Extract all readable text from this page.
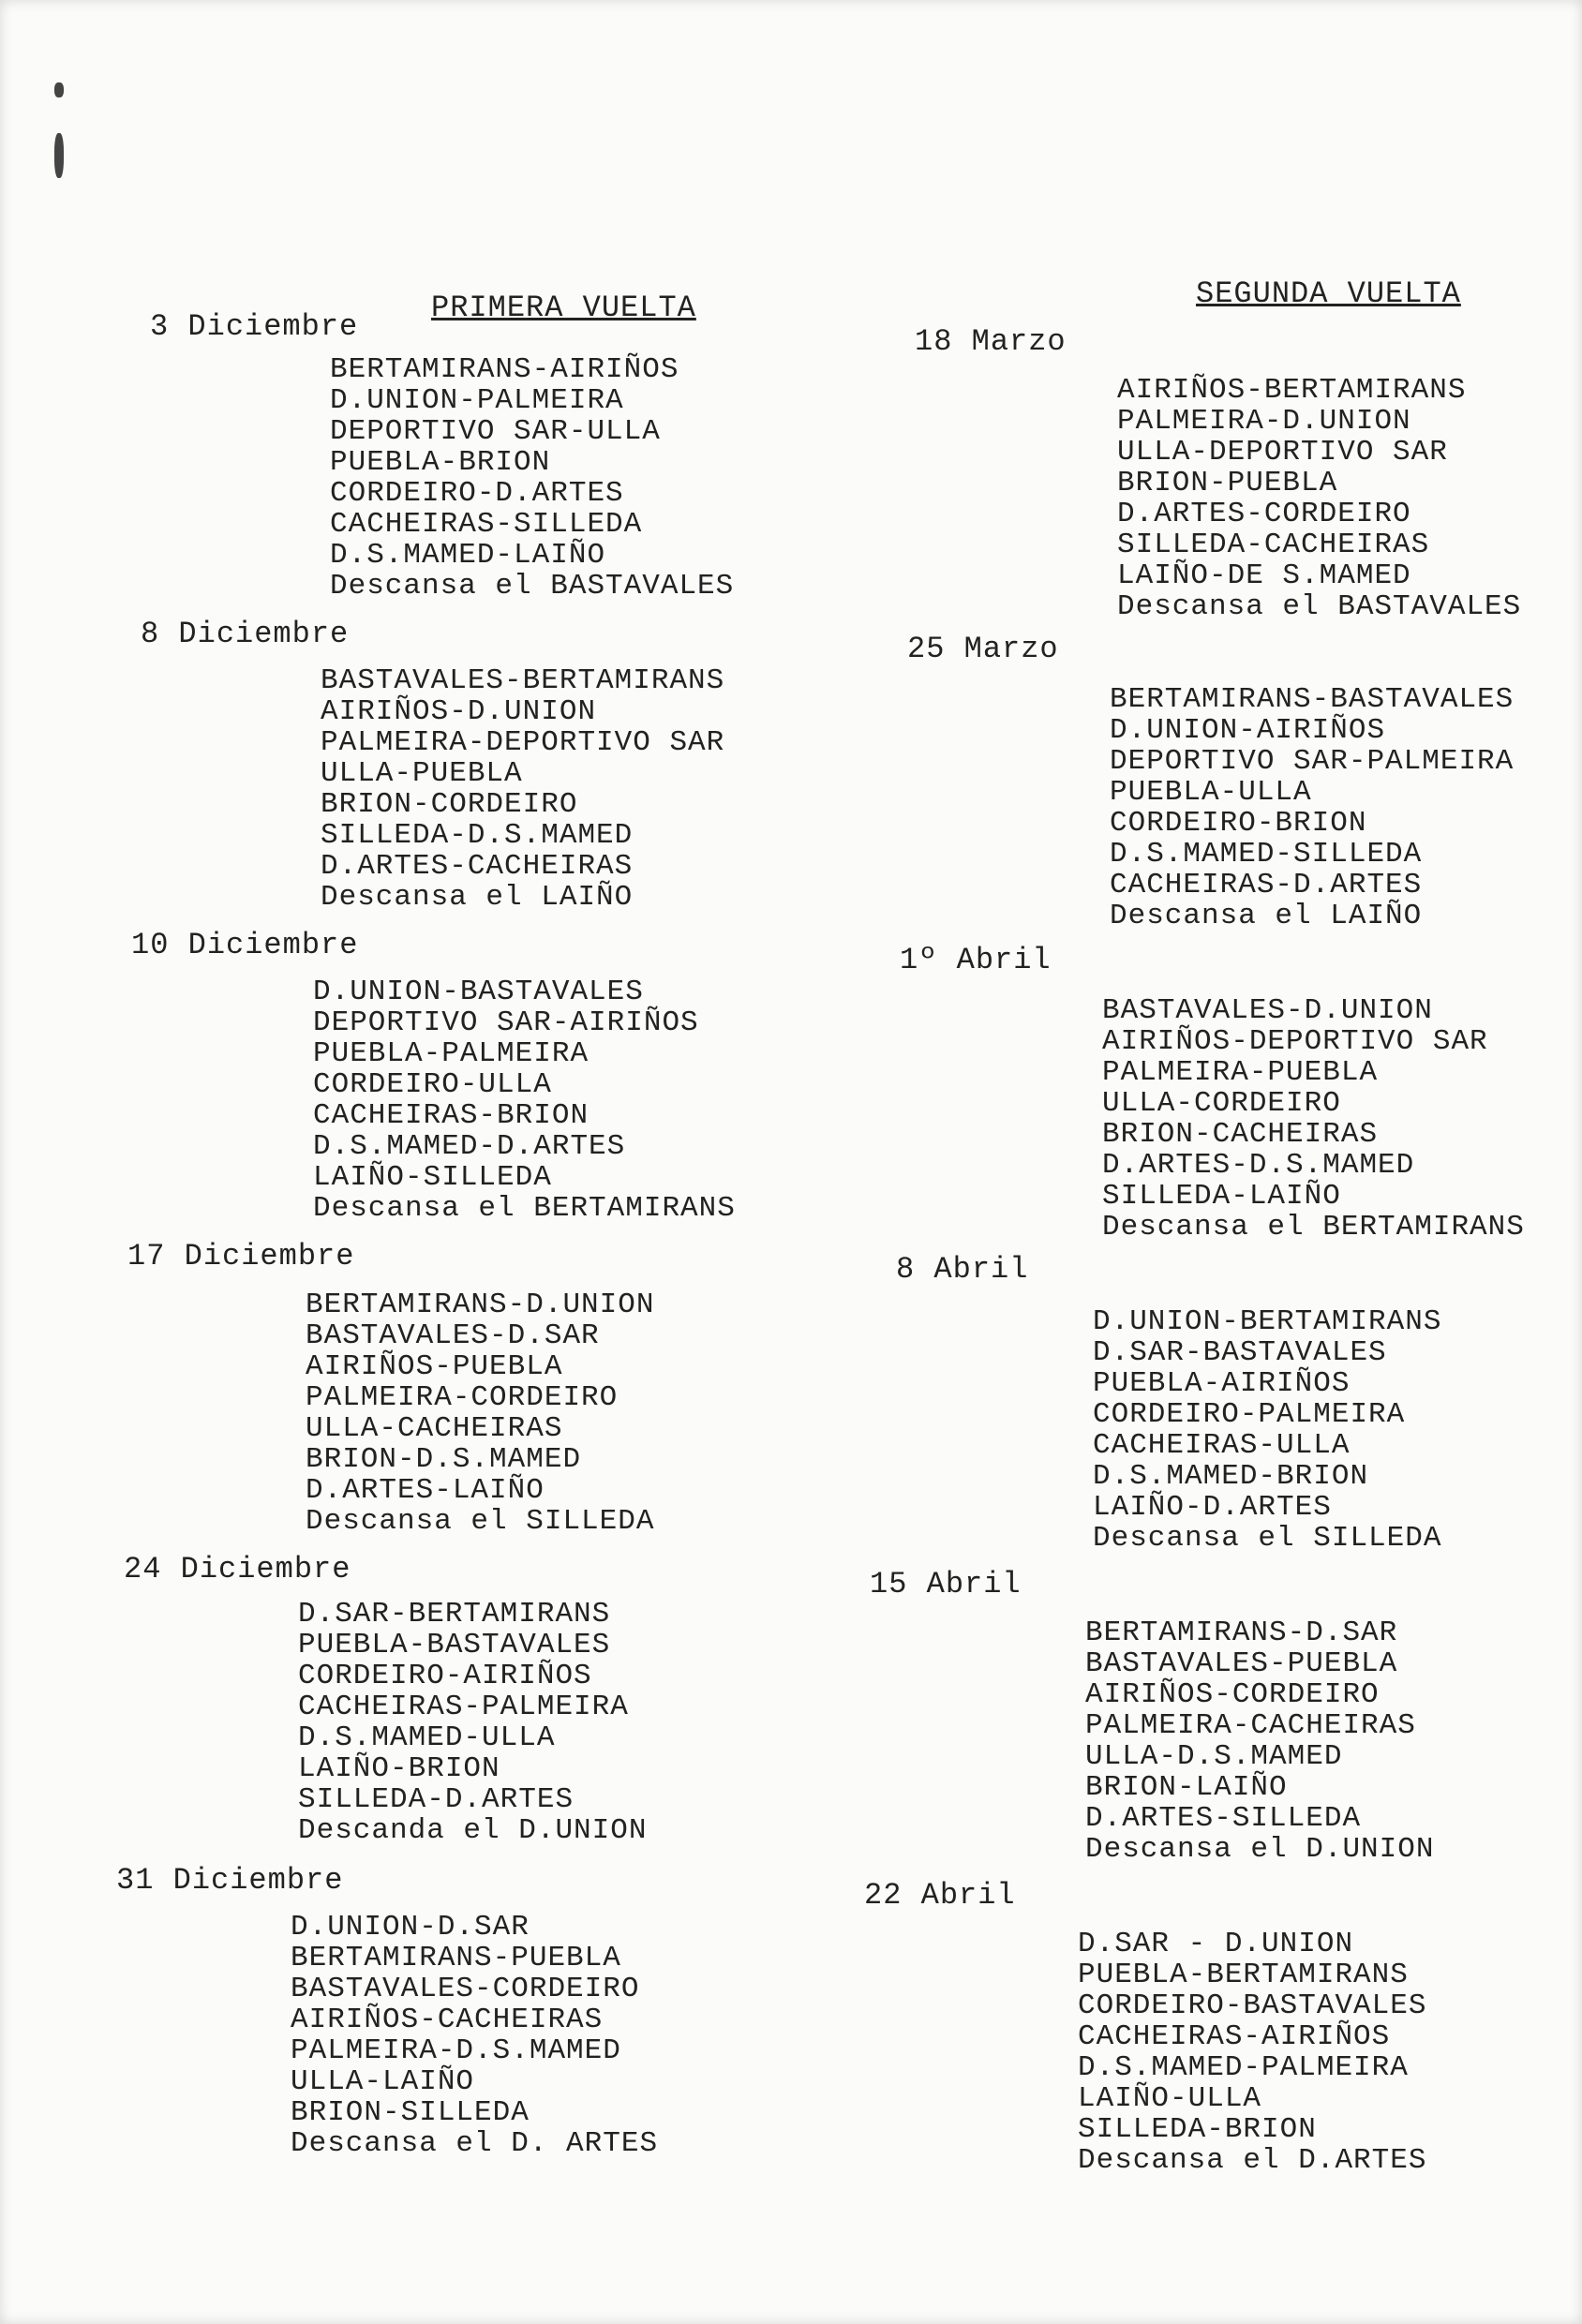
PRIMERA VUELTA
3 Diciembre
BERTAMIRANS-AIRIÑOS
D.UNION-PALMEIRA
DEPORTIVO SAR-ULLA
PUEBLA-BRION
CORDEIRO-D.ARTES
CACHEIRAS-SILLEDA
D.S.MAMED-LAIÑO
Descansa el BASTAVALES
8 Diciembre
BASTAVALES-BERTAMIRANS
AIRIÑOS-D.UNION
PALMEIRA-DEPORTIVO SAR
ULLA-PUEBLA
BRION-CORDEIRO
SILLEDA-D.S.MAMED
D.ARTES-CACHEIRAS
Descansa el LAIÑO
10 Diciembre
D.UNION-BASTAVALES
DEPORTIVO SAR-AIRIÑOS
PUEBLA-PALMEIRA
CORDEIRO-ULLA
CACHEIRAS-BRION
D.S.MAMED-D.ARTES
LAIÑO-SILLEDA
Descansa el BERTAMIRANS
17 Diciembre
BERTAMIRANS-D.UNION
BASTAVALES-D.SAR
AIRIÑOS-PUEBLA
PALMEIRA-CORDEIRO
ULLA-CACHEIRAS
BRION-D.S.MAMED
D.ARTES-LAIÑO
Descansa el SILLEDA
24 Diciembre
D.SAR-BERTAMIRANS
PUEBLA-BASTAVALES
CORDEIRO-AIRIÑOS
CACHEIRAS-PALMEIRA
D.S.MAMED-ULLA
LAIÑO-BRION
SILLEDA-D.ARTES
Descanda el D.UNION
31 Diciembre
D.UNION-D.SAR
BERTAMIRANS-PUEBLA
BASTAVALES-CORDEIRO
AIRIÑOS-CACHEIRAS
PALMEIRA-D.S.MAMED
ULLA-LAIÑO
BRION-SILLEDA
Descansa el D. ARTES
SEGUNDA VUELTA
18 Marzo
AIRIÑOS-BERTAMIRANS
PALMEIRA-D.UNION
ULLA-DEPORTIVO SAR
BRION-PUEBLA
D.ARTES-CORDEIRO
SILLEDA-CACHEIRAS
LAIÑO-DE S.MAMED
Descansa el BASTAVALES
25 Marzo
BERTAMIRANS-BASTAVALES
D.UNION-AIRIÑOS
DEPORTIVO SAR-PALMEIRA
PUEBLA-ULLA
CORDEIRO-BRION
D.S.MAMED-SILLEDA
CACHEIRAS-D.ARTES
Descansa el LAIÑO
1º Abril
BASTAVALES-D.UNION
AIRIÑOS-DEPORTIVO SAR
PALMEIRA-PUEBLA
ULLA-CORDEIRO
BRION-CACHEIRAS
D.ARTES-D.S.MAMED
SILLEDA-LAIÑO
Descansa el BERTAMIRANS
8 Abril
D.UNION-BERTAMIRANS
D.SAR-BASTAVALES
PUEBLA-AIRIÑOS
CORDEIRO-PALMEIRA
CACHEIRAS-ULLA
D.S.MAMED-BRION
LAIÑO-D.ARTES
Descansa el SILLEDA
15 Abril
BERTAMIRANS-D.SAR
BASTAVALES-PUEBLA
AIRIÑOS-CORDEIRO
PALMEIRA-CACHEIRAS
ULLA-D.S.MAMED
BRION-LAIÑO
D.ARTES-SILLEDA
Descansa el D.UNION
22 Abril
D.SAR - D.UNION
PUEBLA-BERTAMIRANS
CORDEIRO-BASTAVALES
CACHEIRAS-AIRIÑOS
D.S.MAMED-PALMEIRA
LAIÑO-ULLA
SILLEDA-BRION
Descansa el D.ARTES
